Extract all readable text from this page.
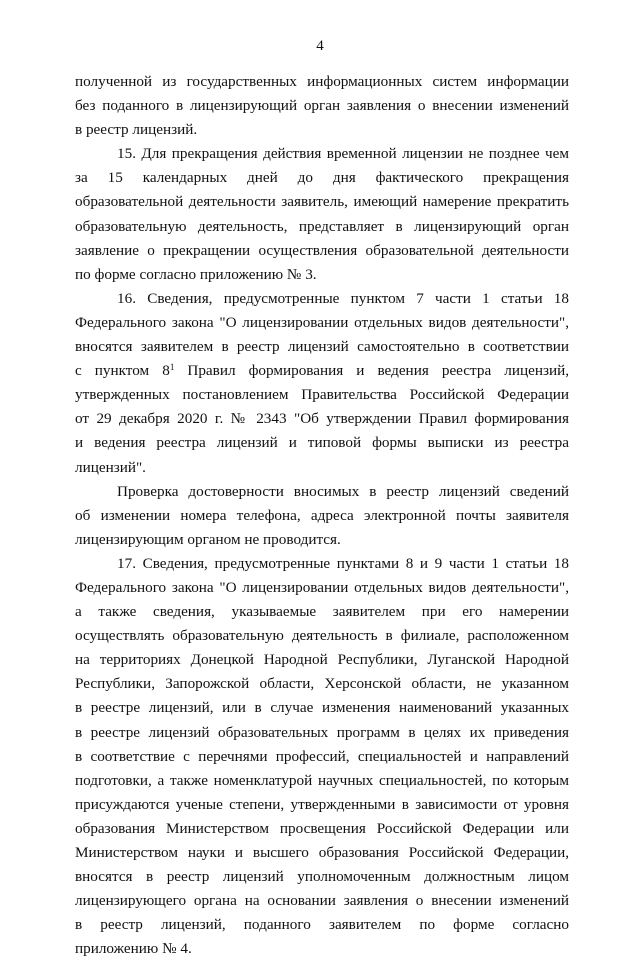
4
полученной из государственных информационных систем информации
без поданного в лицензирующий орган заявления о внесении изменений
в реестр лицензий.
15. Для прекращения действия временной лицензии не позднее чем
за 15 календарных дней до дня фактического прекращения
образовательной деятельности заявитель, имеющий намерение прекратить
образовательную деятельность, представляет в лицензирующий орган
заявление о прекращении осуществления образовательной деятельности
по форме согласно приложению № 3.
16. Сведения, предусмотренные пунктом 7 части 1 статьи 18
Федерального закона "О лицензировании отдельных видов деятельности",
вносятся заявителем в реестр лицензий самостоятельно в соответствии
с пунктом $8^1$ Правил формирования и ведения реестра лицензий,
утвержденных постановлением Правительства Российской Федерации
от 29 декабря 2020 г. № 2343 "Об утверждении Правил формирования
и ведения реестра лицензий и типовой формы выписки из реестра
лицензий".
Проверка достоверности вносимых в реестр лицензий сведений
об изменении номера телефона, адреса электронной почты заявителя
лицензирующим органом не проводится.
17. Сведения, предусмотренные пунктами 8 и 9 части 1 статьи 18
Федерального закона "О лицензировании отдельных видов деятельности",
а также сведения, указываемые заявителем при его намерении
осуществлять образовательную деятельность в филиале, расположенном
на территориях Донецкой Народной Республики, Луганской Народной
Республики, Запорожской области, Херсонской области, не указанном
в реестре лицензий, или в случае изменения наименований указанных
в реестре лицензий образовательных программ в целях их приведения
в соответствие с перечнями профессий, специальностей и направлений
подготовки, а также номенклатурой научных специальностей, по которым
присуждаются ученые степени, утвержденными в зависимости от уровня
образования Министерством просвещения Российской Федерации или
Министерством науки и высшего образования Российской Федерации,
вносятся в реестр лицензий уполномоченным должностным лицом
лицензирующего органа на основании заявления о внесении изменений
в реестр лицензий, поданного заявителем по форме согласно
приложению № 4.
